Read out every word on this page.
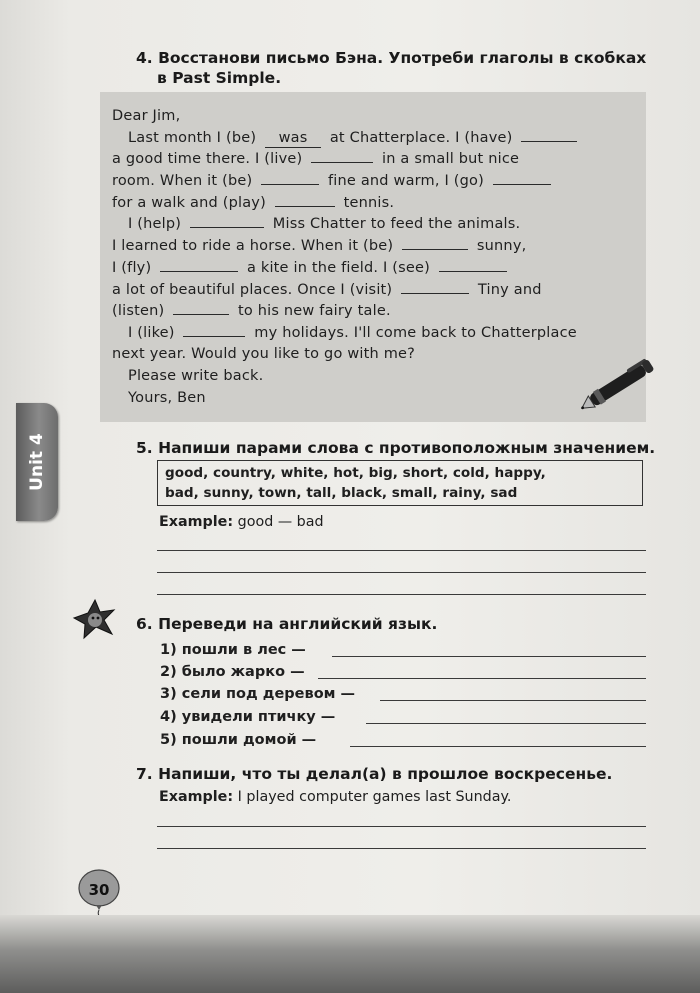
Unit 4
4. Восстанови письмо Бэна. Употреби глаголы в скобках
в Past Simple.
Dear Jim,
Last month I (be) was at Chatterplace. I (have)
a good time there. I (live)	in a small but nice
room. When it (be)	fine and warm, I (go)
for a walk and (play)	tennis.
I (help)	Miss Chatter to feed the animals.
I learned to ride a horse. When it (be)	sunny,
I (fly)	a kite in the field. I (see)
a lot of beautiful places. Once I (visit)	Tiny and
(listen)	to his new fairy tale.
I (like)	my holidays. I'll come back to Chatterplace
next year. Would you like to go with me?
Please write back.
Yours, Ben
5. Напиши парами слова с противоположным значением.
good, country, white, hot, big, short, cold, happy,
bad, sunny, town, tall, black, small, rainy, sad
Example: good — bad
6. Переведи на английский язык.
1) пошли в лес —
2) было жарко —
3) сели под деревом —
4) увидели птичку —
5) пошли домой —
7. Напиши, что ты делал(а) в прошлое воскресенье.
Example: I played computer games last Sunday.
30
